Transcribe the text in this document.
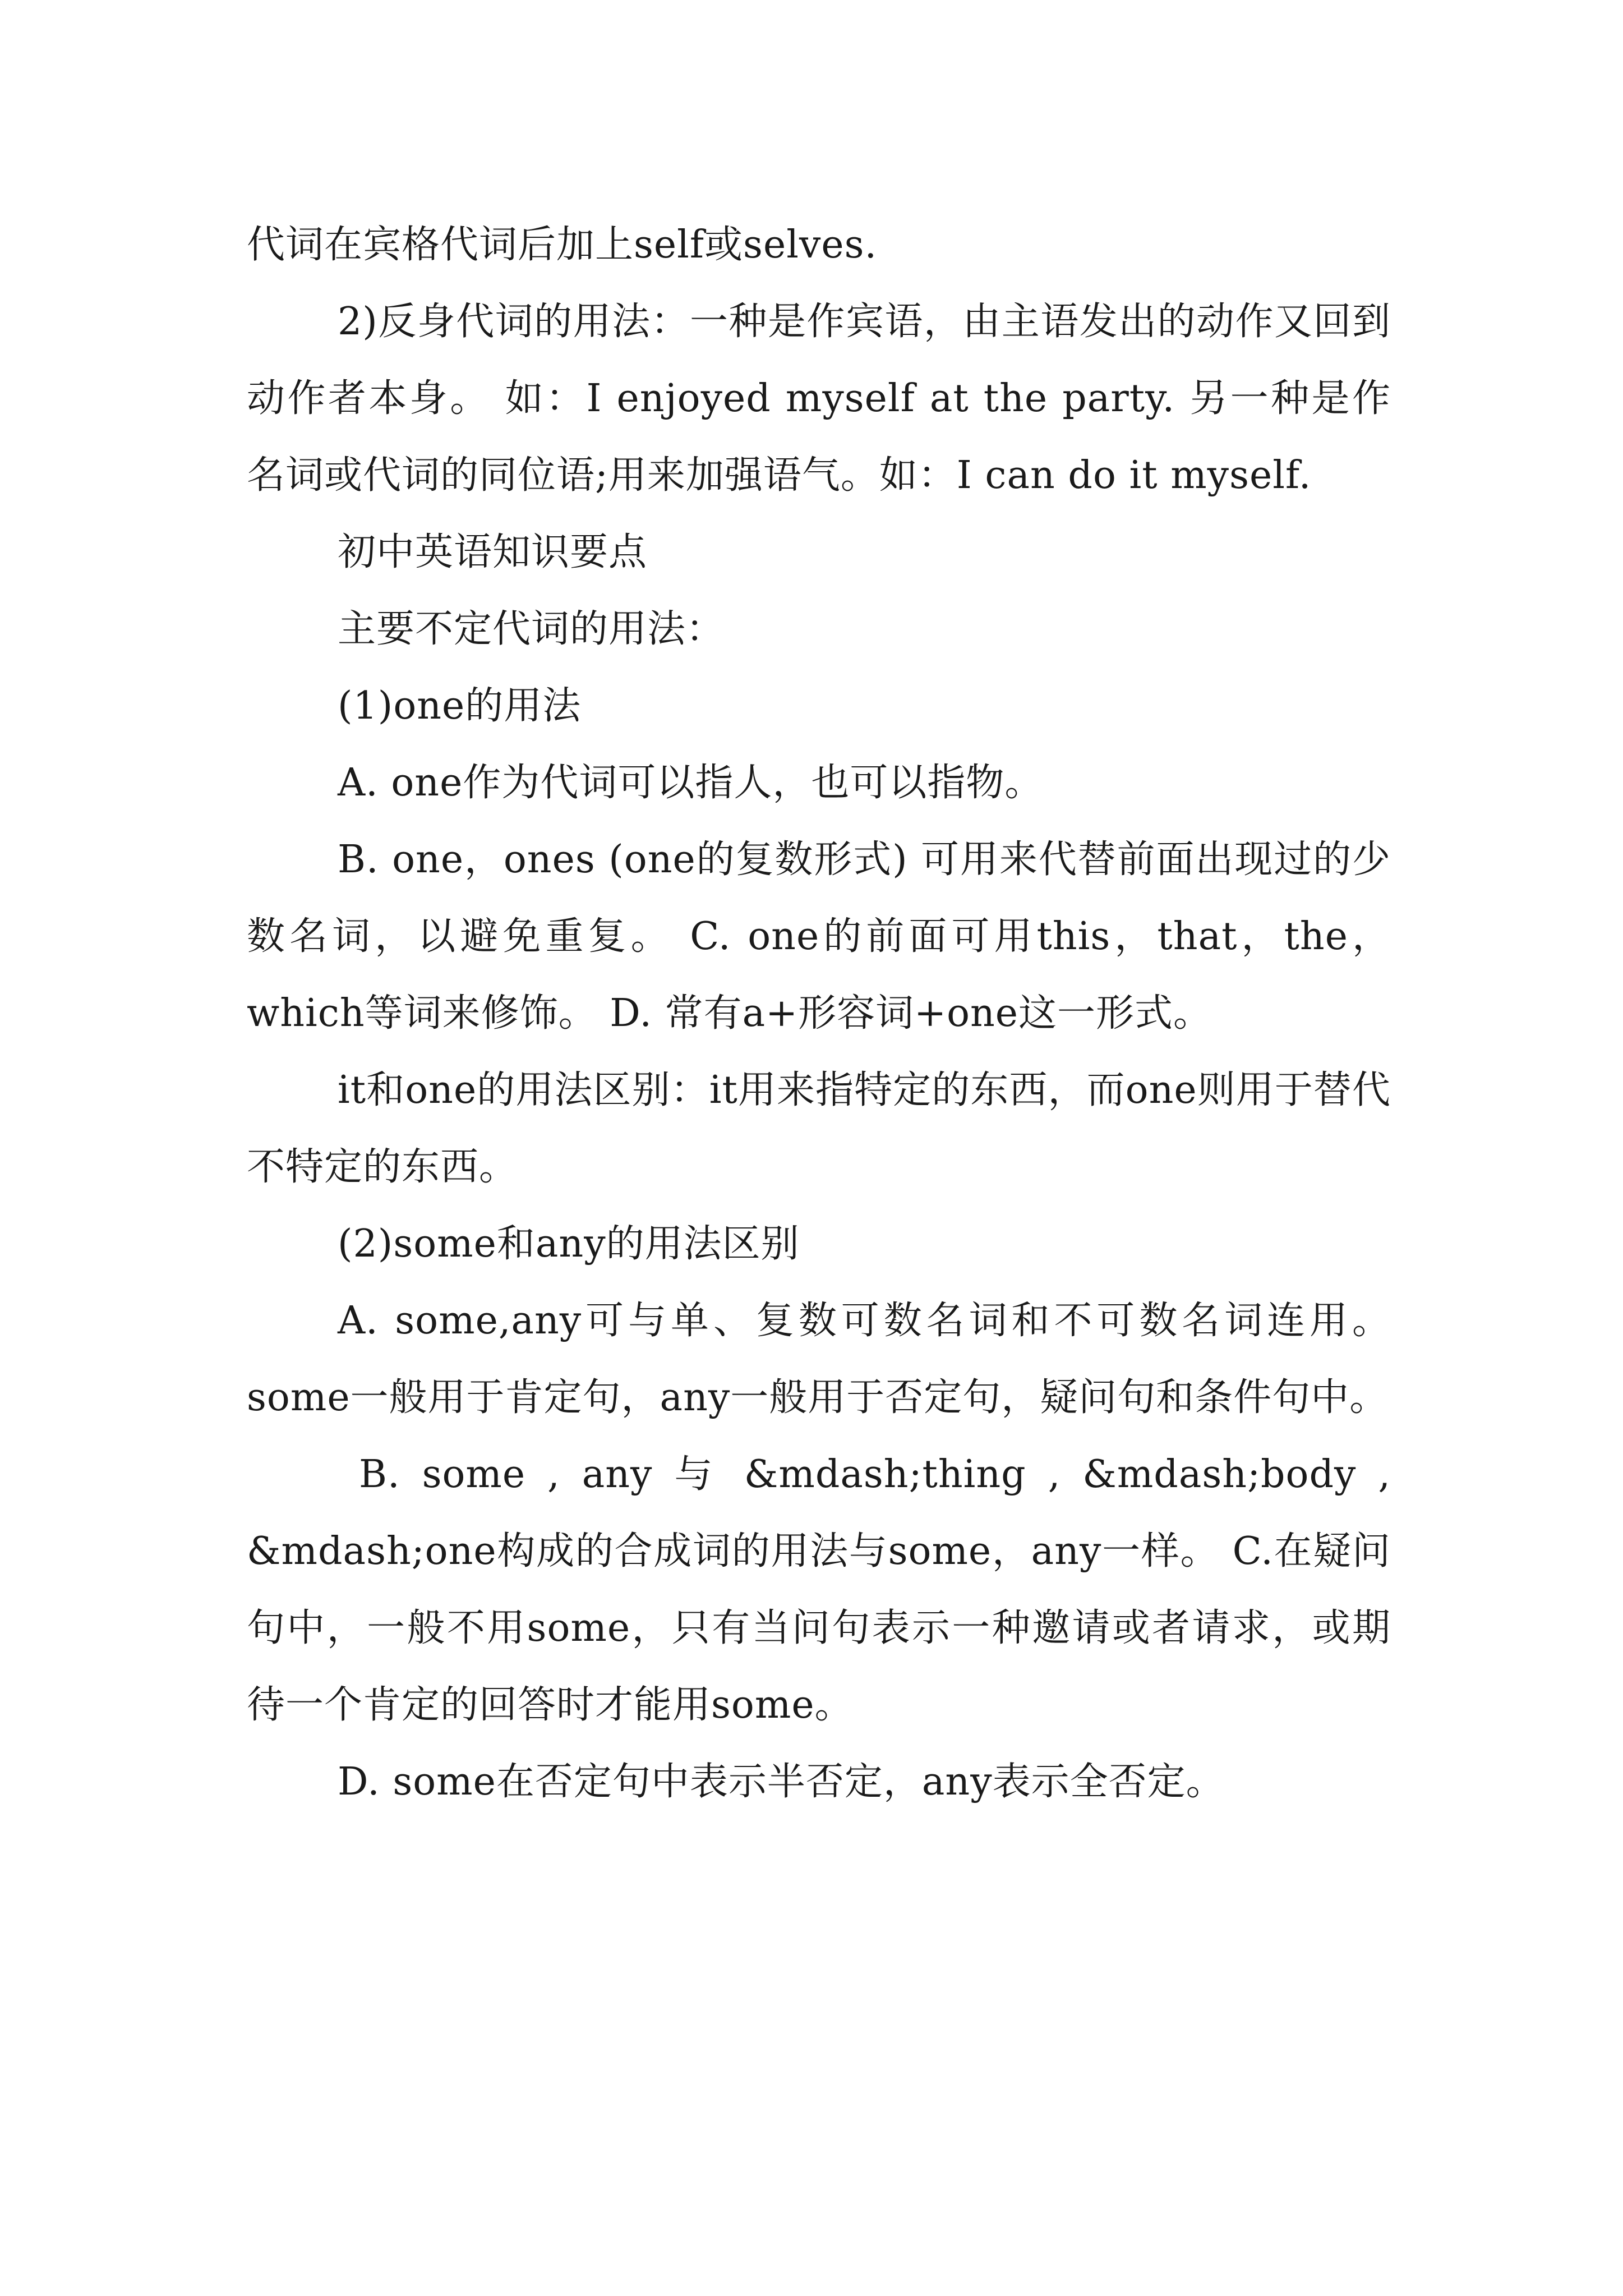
代词在宾格代词后加上self或selves.

2)反身代词的用法：一种是作宾语，由主语发出的动作又回到动作者本身。 如：I enjoyed myself at the party. 另一种是作名词或代词的同位语;用来加强语气。如：I can do it myself.

初中英语知识要点

主要不定代词的用法：

(1)one的用法

A. one作为代词可以指人，也可以指物。

B. one，ones (one的复数形式) 可用来代替前面出现过的少数名词，以避免重复。 C. one的前面可用this，that，the，which等词来修饰。 D. 常有a+形容词+one这一形式。

it和one的用法区别：it用来指特定的东西，而one则用于替代不特定的东西。

(2)some和any的用法区别

A. some,any可与单、复数可数名词和不可数名词连用。some一般用于肯定句，any一般用于否定句，疑问句和条件句中。

B. some , any 与 &mdash;thing , &mdash;body , &mdash;one构成的合成词的用法与some，any一样。 C.在疑问句中，一般不用some，只有当问句表示一种邀请或者请求，或期待一个肯定的回答时才能用some。

D. some在否定句中表示半否定，any表示全否定。
